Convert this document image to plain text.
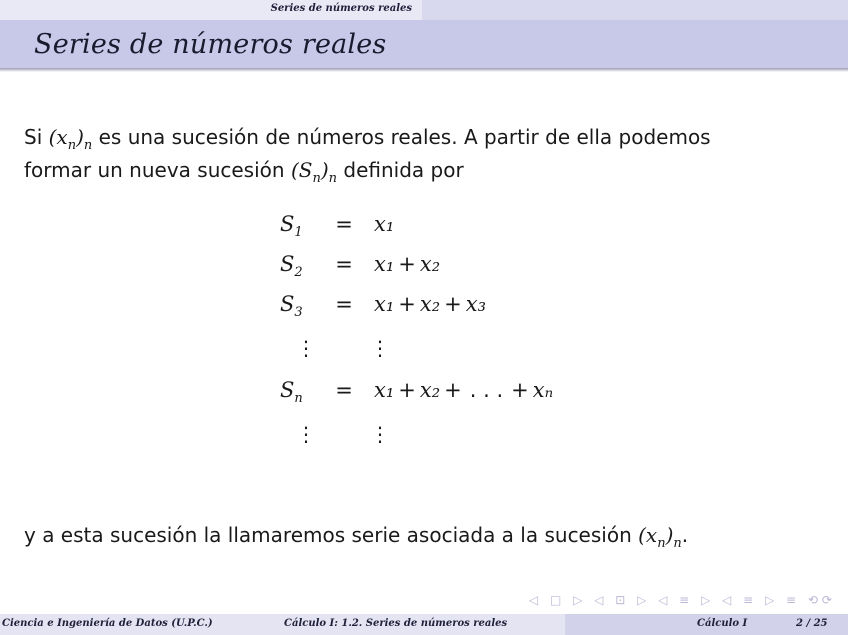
Series de números reales
Series de números reales
Si $(x_n)_n$ es una sucesión de números reales. A partir de ella podemos
formar un nueva sucesión $(S_n)_n$ definida por
$S_1$	= x₁
$S_2$	= x₁ + x₂
$S_3$	= x₁ + x₂ + x₃
⋮	⋮
$S_n$	= x₁ + x₂ + . . . + xₙ
⋮	⋮
y a esta sucesión la llamaremos serie asociada a la sucesión $(x_n)_n$.
◁ □ ▷ ◁ ⊡ ▷ ◁ ≡ ▷ ◁ ≡ ▷ ≡ ⟲⟳
Ciencia e Ingeniería de Datos (U.P.C.)	Cálculo I: 1.2. Series de números reales	Cálculo I	2 / 25
